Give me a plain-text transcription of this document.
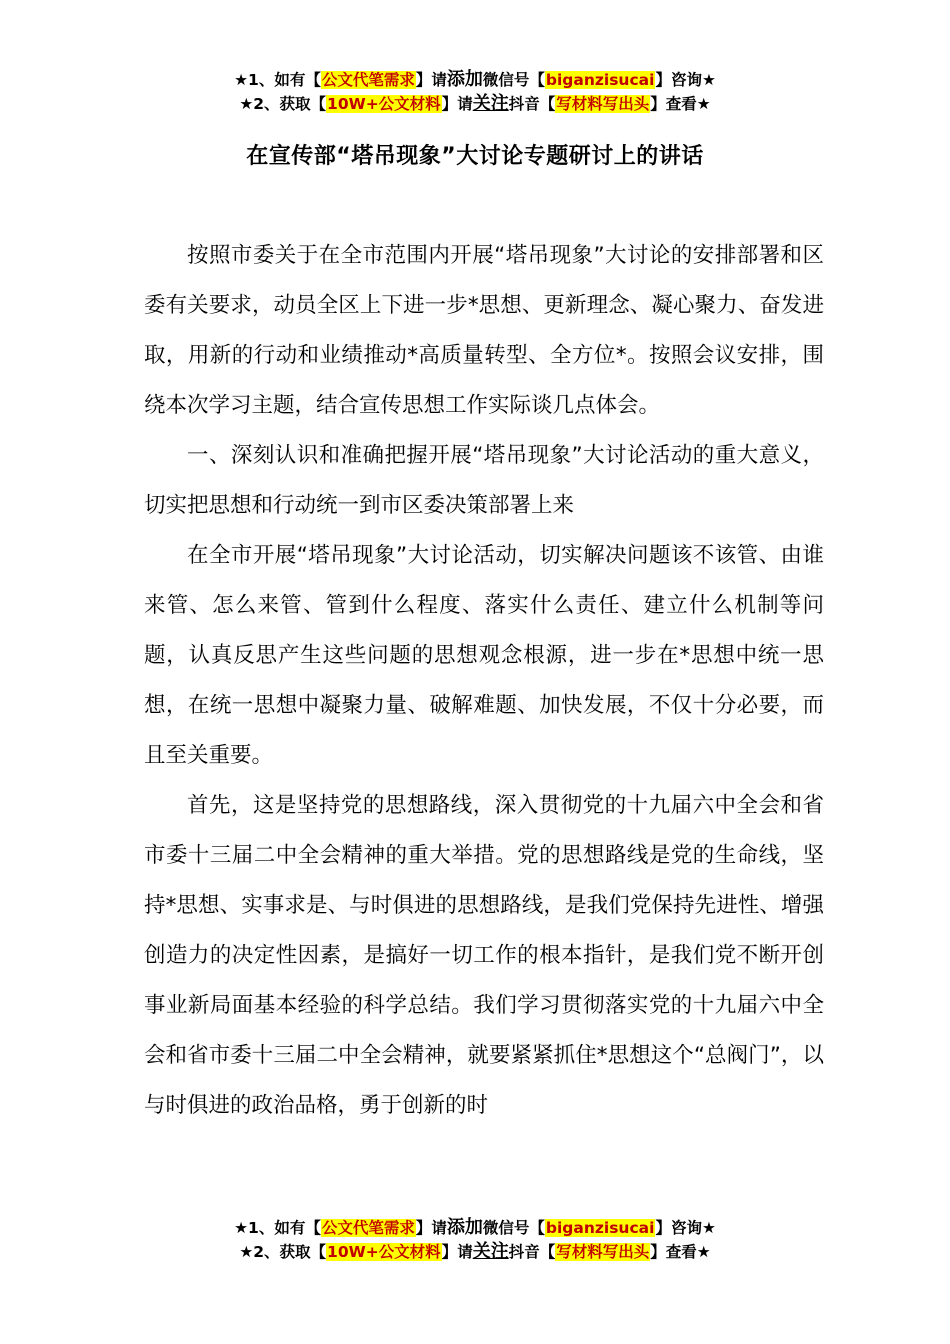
★1、如有【公文代笔需求】请添加微信号【biganzisucai】咨询★
★2、获取【10W+公文材料】请关注抖音【写材料写出头】查看★
在宣传部“塔吊现象”大讨论专题研讨上的讲话

按照市委关于在全市范围内开展“塔吊现象”大讨论的安排部署和区委有关要求，动员全区上下进一步*思想、更新理念、凝心聚力、奋发进取，用新的行动和业绩推动*高质量转型、全方位*。按照会议安排，围绕本次学习主题，结合宣传思想工作实际谈几点体会。

一、深刻认识和准确把握开展“塔吊现象”大讨论活动的重大意义，切实把思想和行动统一到市区委决策部署上来

在全市开展“塔吊现象”大讨论活动，切实解决问题该不该管、由谁来管、怎么来管、管到什么程度、落实什么责任、建立什么机制等问题，认真反思产生这些问题的思想观念根源，进一步在*思想中统一思想，在统一思想中凝聚力量、破解难题、加快发展，不仅十分必要，而且至关重要。

首先，这是坚持党的思想路线，深入贯彻党的十九届六中全会和省市委十三届二中全会精神的重大举措。党的思想路线是党的生命线，坚持*思想、实事求是、与时俱进的思想路线，是我们党保持先进性、增强创造力的决定性因素，是搞好一切工作的根本指针，是我们党不断开创事业新局面基本经验的科学总结。我们学习贯彻落实党的十九届六中全会和省市委十三届二中全会精神，就要紧紧抓住*思想这个“总阀门”，以与时俱进的政治品格，勇于创新的时

★1、如有【公文代笔需求】请添加微信号【biganzisucai】咨询★
★2、获取【10W+公文材料】请关注抖音【写材料写出头】查看★
